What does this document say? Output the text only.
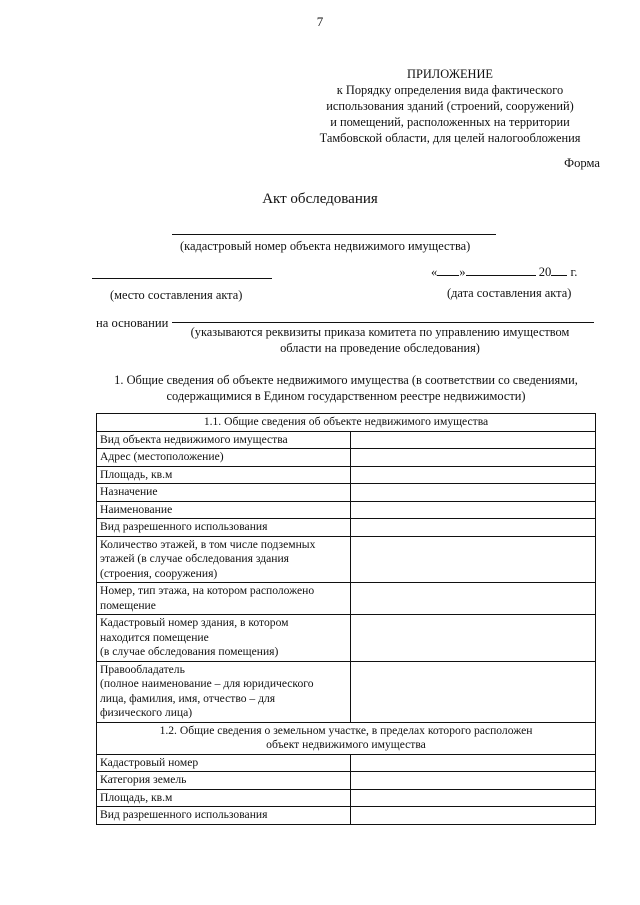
7
ПРИЛОЖЕНИЕ
к Порядку определения вида фактического
использования зданий (строений, сооружений)
и помещений, расположенных на территории
Тамбовской области, для целей налогообложения
Форма
Акт обследования
(кадастровый номер объекта недвижимого имущества)
(место составления акта)
« »	20 г.
(дата составления акта)
на основании
(указываются реквизиты приказа комитета по управлению имуществом
области на проведение обследования)
1. Общие сведения об объекте недвижимого имущества (в соответствии со сведениями,
содержащимися в Едином государственном реестре недвижимости)
1.1. Общие сведения об объекте недвижимого имущества	
Вид объекта недвижимого имущества	
Адрес (местоположение)	
Площадь, кв.м	
Назначение	
Наименование	
Вид разрешенного использования	

Количество этажей, в том числе подземных
этажей (в случае обследования здания
(строения, сооружения)	

Номер, тип этажа, на котором расположено
помещение	

Кадастровый номер здания, в котором
находится помещение
(в случае обследования помещения)	

Правообладатель
(полное наименование – для юридического
лица, фамилия, имя, отчество – для
физического лица)	

1.2. Общие сведения о земельном участке, в пределах которого расположен
объект недвижимого имущества	

Кадастровый номер	
Категория земель	
Площадь, кв.м	
Вид разрешенного использования	
